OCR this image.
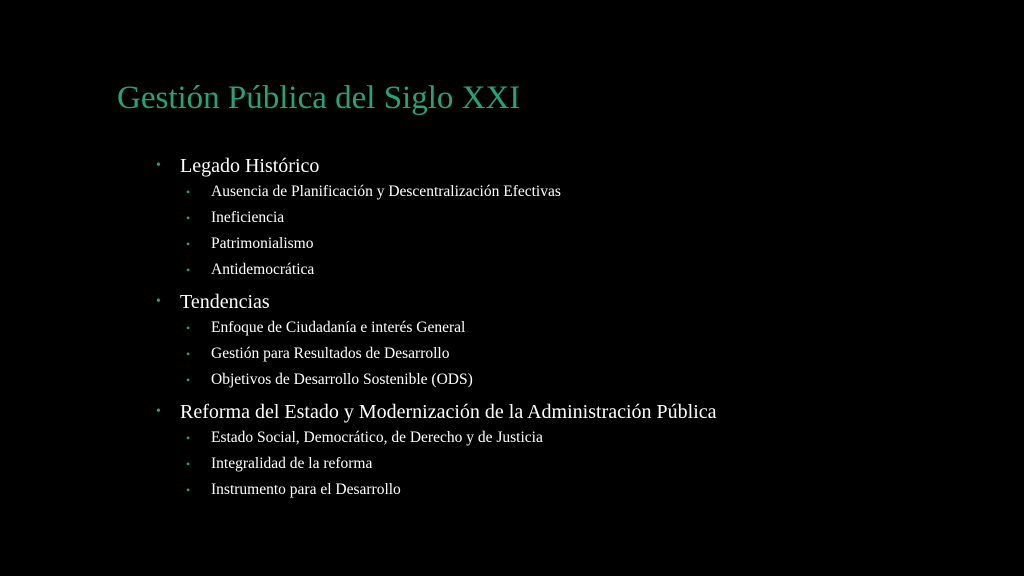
Gestión Pública del Siglo XXI
• Legado Histórico
• Ausencia de Planificación y Descentralización Efectivas
• Ineficiencia
• Patrimonialismo
• Antidemocrática
• Tendencias
• Enfoque de Ciudadanía e interés General
• Gestión para Resultados de Desarrollo
• Objetivos de Desarrollo Sostenible (ODS)
• Reforma del Estado y Modernización de la Administración Pública
• Estado Social, Democrático, de Derecho y de Justicia
• Integralidad de la reforma
• Instrumento para el Desarrollo
